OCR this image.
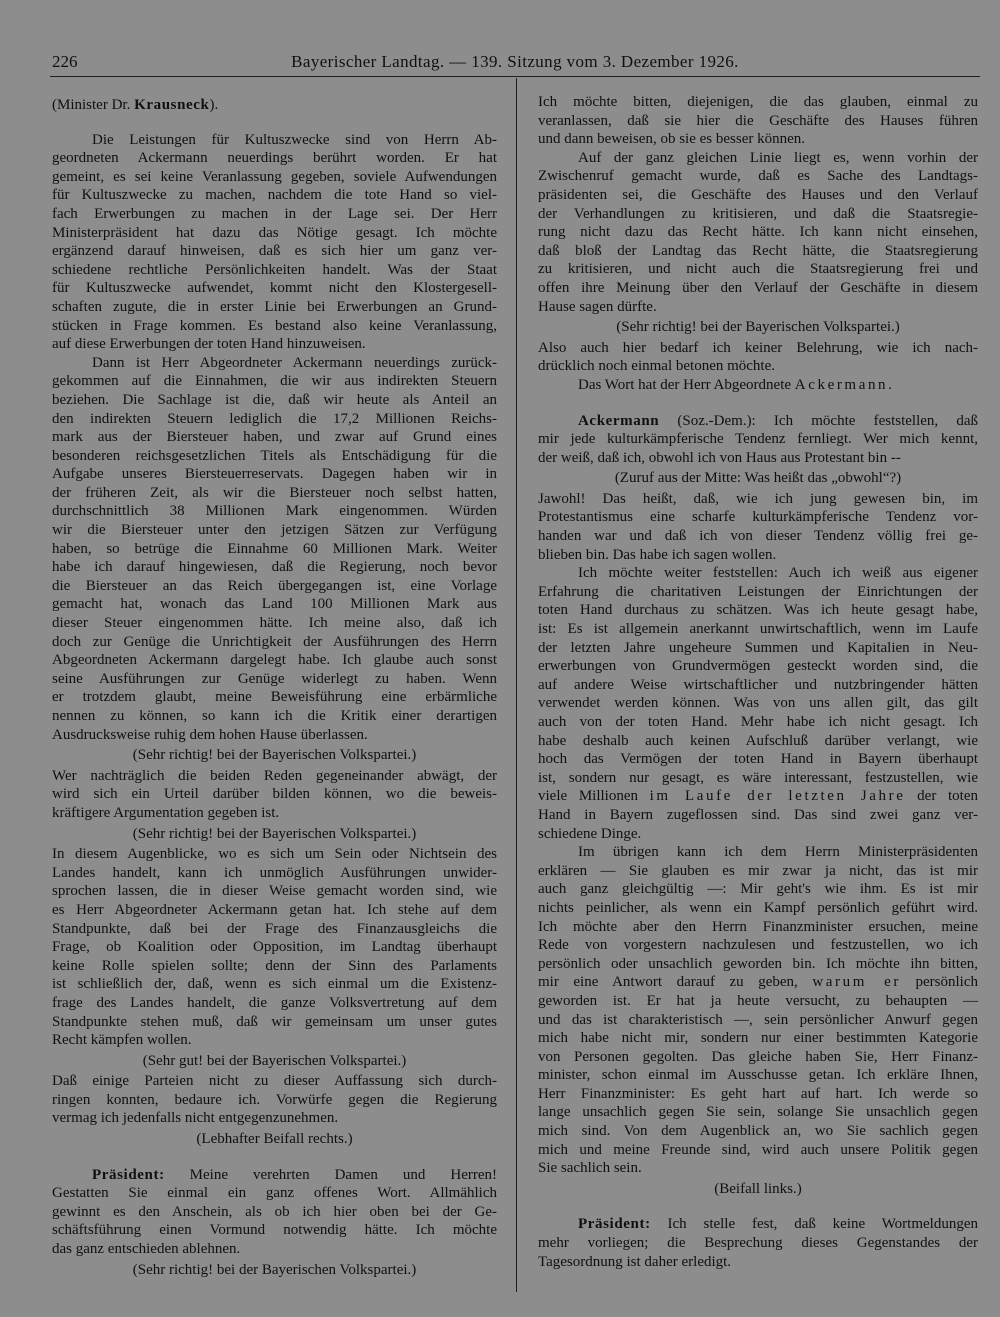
226	Bayerischer Landtag. — 139. Sitzung vom 3. Dezember 1926.
(Minister Dr. Krausneck).
Die Leistungen für Kultuszwecke sind von Herrn Ab-
geordneten Ackermann neuerdings berührt worden. Er hat
gemeint, es sei keine Veranlassung gegeben, soviele Aufwendungen
für Kultuszwecke zu machen, nachdem die tote Hand so viel-
fach Erwerbungen zu machen in der Lage sei. Der Herr
Ministerpräsident hat dazu das Nötige gesagt. Ich möchte
ergänzend darauf hinweisen, daß es sich hier um ganz ver-
schiedene rechtliche Persönlichkeiten handelt. Was der Staat
für Kultuszwecke aufwendet, kommt nicht den Klostergesell-
schaften zugute, die in erster Linie bei Erwerbungen an Grund-
stücken in Frage kommen. Es bestand also keine Veranlassung,
auf diese Erwerbungen der toten Hand hinzuweisen.
Dann ist Herr Abgeordneter Ackermann neuerdings zurück-
gekommen auf die Einnahmen, die wir aus indirekten Steuern
beziehen. Die Sachlage ist die, daß wir heute als Anteil an
den indirekten Steuern lediglich die 17,2 Millionen Reichs-
mark aus der Biersteuer haben, und zwar auf Grund eines
besonderen reichsgesetzlichen Titels als Entschädigung für die
Aufgabe unseres Biersteuerreservats. Dagegen haben wir in
der früheren Zeit, als wir die Biersteuer noch selbst hatten,
durchschnittlich 38 Millionen Mark eingenommen. Würden
wir die Biersteuer unter den jetzigen Sätzen zur Verfügung
haben, so betrüge die Einnahme 60 Millionen Mark. Weiter
habe ich darauf hingewiesen, daß die Regierung, noch bevor
die Biersteuer an das Reich übergegangen ist, eine Vorlage
gemacht hat, wonach das Land 100 Millionen Mark aus
dieser Steuer eingenommen hätte. Ich meine also, daß ich
doch zur Genüge die Unrichtigkeit der Ausführungen des Herrn
Abgeordneten Ackermann dargelegt habe. Ich glaube auch sonst
seine Ausführungen zur Genüge widerlegt zu haben. Wenn
er trotzdem glaubt, meine Beweisführung eine erbärmliche
nennen zu können, so kann ich die Kritik einer derartigen
Ausdrucksweise ruhig dem hohen Hause überlassen.
(Sehr richtig! bei der Bayerischen Volkspartei.)
Wer nachträglich die beiden Reden gegeneinander abwägt, der
wird sich ein Urteil darüber bilden können, wo die beweis-
kräftigere Argumentation gegeben ist.
(Sehr richtig! bei der Bayerischen Volkspartei.)
In diesem Augenblicke, wo es sich um Sein oder Nichtsein des
Landes handelt, kann ich unmöglich Ausführungen unwider-
sprochen lassen, die in dieser Weise gemacht worden sind, wie
es Herr Abgeordneter Ackermann getan hat. Ich stehe auf dem
Standpunkte, daß bei der Frage des Finanzausgleichs die
Frage, ob Koalition oder Opposition, im Landtag überhaupt
keine Rolle spielen sollte; denn der Sinn des Parlaments
ist schließlich der, daß, wenn es sich einmal um die Existenz-
frage des Landes handelt, die ganze Volksvertretung auf dem
Standpunkte stehen muß, daß wir gemeinsam um unser gutes
Recht kämpfen wollen.
(Sehr gut! bei der Bayerischen Volkspartei.)
Daß einige Parteien nicht zu dieser Auffassung sich durch-
ringen konnten, bedaure ich. Vorwürfe gegen die Regierung
vermag ich jedenfalls nicht entgegenzunehmen.
(Lebhafter Beifall rechts.)
Präsident: Meine verehrten Damen und Herren!
Gestatten Sie einmal ein ganz offenes Wort. Allmählich
gewinnt es den Anschein, als ob ich hier oben bei der Ge-
schäftsführung einen Vormund notwendig hätte. Ich möchte
das ganz entschieden ablehnen.
(Sehr richtig! bei der Bayerischen Volkspartei.)
Ich möchte bitten, diejenigen, die das glauben, einmal zu
veranlassen, daß sie hier die Geschäfte des Hauses führen
und dann beweisen, ob sie es besser können.
Auf der ganz gleichen Linie liegt es, wenn vorhin der
Zwischenruf gemacht wurde, daß es Sache des Landtags-
präsidenten sei, die Geschäfte des Hauses und den Verlauf
der Verhandlungen zu kritisieren, und daß die Staatsregie-
rung nicht dazu das Recht hätte. Ich kann nicht einsehen,
daß bloß der Landtag das Recht hätte, die Staatsregierung
zu kritisieren, und nicht auch die Staatsregierung frei und
offen ihre Meinung über den Verlauf der Geschäfte in diesem
Hause sagen dürfte.
(Sehr richtig! bei der Bayerischen Volkspartei.)
Also auch hier bedarf ich keiner Belehrung, wie ich nach-
drücklich noch einmal betonen möchte.
Das Wort hat der Herr Abgeordnete Ackermann.
Ackermann (Soz.-Dem.): Ich möchte feststellen, daß
mir jede kulturkämpferische Tendenz fernliegt. Wer mich kennt,
der weiß, daß ich, obwohl ich von Haus aus Protestant bin --
(Zuruf aus der Mitte: Was heißt das „obwohl“?)
Jawohl! Das heißt, daß, wie ich jung gewesen bin, im
Protestantismus eine scharfe kulturkämpferische Tendenz vor-
handen war und daß ich von dieser Tendenz völlig frei ge-
blieben bin. Das habe ich sagen wollen.
Ich möchte weiter feststellen: Auch ich weiß aus eigener
Erfahrung die charitativen Leistungen der Einrichtungen der
toten Hand durchaus zu schätzen. Was ich heute gesagt habe,
ist: Es ist allgemein anerkannt unwirtschaftlich, wenn im Laufe
der letzten Jahre ungeheure Summen und Kapitalien in Neu-
erwerbungen von Grundvermögen gesteckt worden sind, die
auf andere Weise wirtschaftlicher und nutzbringender hätten
verwendet werden können. Was von uns allen gilt, das gilt
auch von der toten Hand. Mehr habe ich nicht gesagt. Ich
habe deshalb auch keinen Aufschluß darüber verlangt, wie
hoch das Vermögen der toten Hand in Bayern überhaupt
ist, sondern nur gesagt, es wäre interessant, festzustellen, wie
viele Millionen im Laufe der letzten Jahre der toten
Hand in Bayern zugeflossen sind. Das sind zwei ganz ver-
schiedene Dinge.
Im übrigen kann ich dem Herrn Ministerpräsidenten
erklären — Sie glauben es mir zwar ja nicht, das ist mir
auch ganz gleichgültig —: Mir geht's wie ihm. Es ist mir
nichts peinlicher, als wenn ein Kampf persönlich geführt wird.
Ich möchte aber den Herrn Finanzminister ersuchen, meine
Rede von vorgestern nachzulesen und festzustellen, wo ich
persönlich oder unsachlich geworden bin. Ich möchte ihn bitten,
mir eine Antwort darauf zu geben, warum er persönlich
geworden ist. Er hat ja heute versucht, zu behaupten —
und das ist charakteristisch —, sein persönlicher Anwurf gegen
mich habe nicht mir, sondern nur einer bestimmten Kategorie
von Personen gegolten. Das gleiche haben Sie, Herr Finanz-
minister, schon einmal im Ausschusse getan. Ich erkläre Ihnen,
Herr Finanzminister: Es geht hart auf hart. Ich werde so
lange unsachlich gegen Sie sein, solange Sie unsachlich gegen
mich sind. Von dem Augenblick an, wo Sie sachlich gegen
mich und meine Freunde sind, wird auch unsere Politik gegen
Sie sachlich sein.
(Beifall links.)
Präsident: Ich stelle fest, daß keine Wortmeldungen
mehr vorliegen; die Besprechung dieses Gegenstandes der
Tagesordnung ist daher erledigt.
